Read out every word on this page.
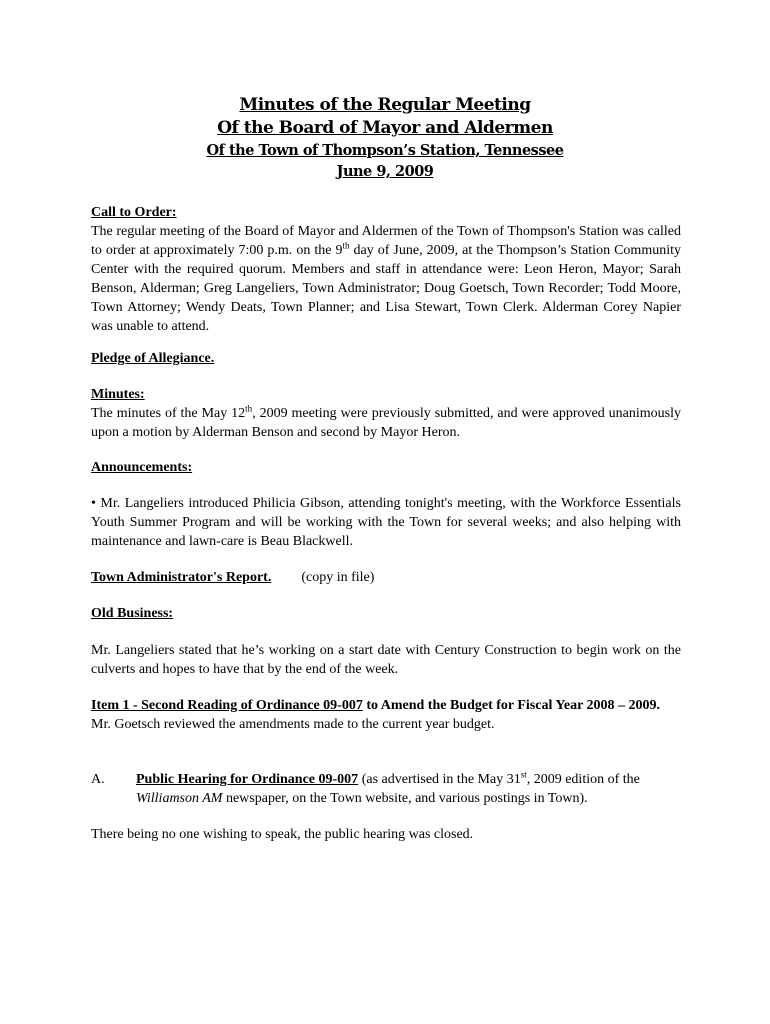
Minutes of the Regular Meeting
Of the Board of Mayor and Aldermen
Of the Town of Thompson’s Station, Tennessee
June 9, 2009
Call to Order:
The regular meeting of the Board of Mayor and Aldermen of the Town of Thompson's Station was called to order at approximately 7:00 p.m. on the 9th day of June, 2009, at the Thompson’s Station Community Center with the required quorum. Members and staff in attendance were: Leon Heron, Mayor; Sarah Benson, Alderman; Greg Langeliers, Town Administrator; Doug Goetsch, Town Recorder; Todd Moore, Town Attorney; Wendy Deats, Town Planner; and Lisa Stewart, Town Clerk. Alderman Corey Napier was unable to attend.
Pledge of Allegiance.
Minutes:
The minutes of the May 12th, 2009 meeting were previously submitted, and were approved unanimously upon a motion by Alderman Benson and second by Mayor Heron.
Announcements:
• Mr. Langeliers introduced Philicia Gibson, attending tonight's meeting, with the Workforce Essentials Youth Summer Program and will be working with the Town for several weeks; and also helping with maintenance and lawn-care is Beau Blackwell.
Town Administrator's Report. (copy in file)
Old Business:
Mr. Langeliers stated that he’s working on a start date with Century Construction to begin work on the culverts and hopes to have that by the end of the week.
Item 1 - Second Reading of Ordinance 09-007 to Amend the Budget for Fiscal Year 2008 – 2009.
Mr. Goetsch reviewed the amendments made to the current year budget.
A. Public Hearing for Ordinance 09-007 (as advertised in the May 31st, 2009 edition of the Williamson AM newspaper, on the Town website, and various postings in Town).
There being no one wishing to speak, the public hearing was closed.
